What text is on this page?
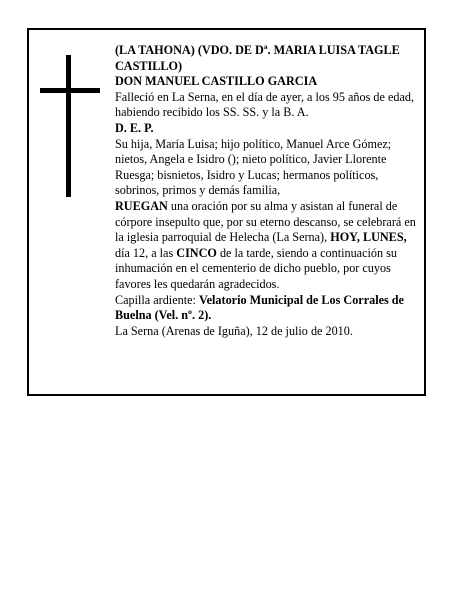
(LA TAHONA) (VDO. DE Dª. MARIA LUISA TAGLE CASTILLO)

DON MANUEL CASTILLO GARCIA

Falleció en La Serna, en el día de ayer, a los 95 años de edad, habiendo recibido los SS. SS. y la B. A.

D. E. P.

Su hija, María Luisa; hijo político, Manuel Arce Gómez; nietos, Angela e Isidro (); nieto político, Javier Llorente Ruesga; bisnietos, Isidro y Lucas; hermanos políticos, sobrinos, primos y demás familia,

RUEGAN una oración por su alma y asistan al funeral de córpore insepulto que, por su eterno descanso, se celebrará en la iglesia parroquial de Helecha (La Serna), HOY, LUNES, día 12, a las CINCO de la tarde, siendo a continuación su inhumación en el cementerio de dicho pueblo, por cuyos favores les quedarán agradecidos.

Capilla ardiente: Velatorio Municipal de Los Corrales de Buelna (Vel. nº. 2).

La Serna (Arenas de Iguña), 12 de julio de 2010.
